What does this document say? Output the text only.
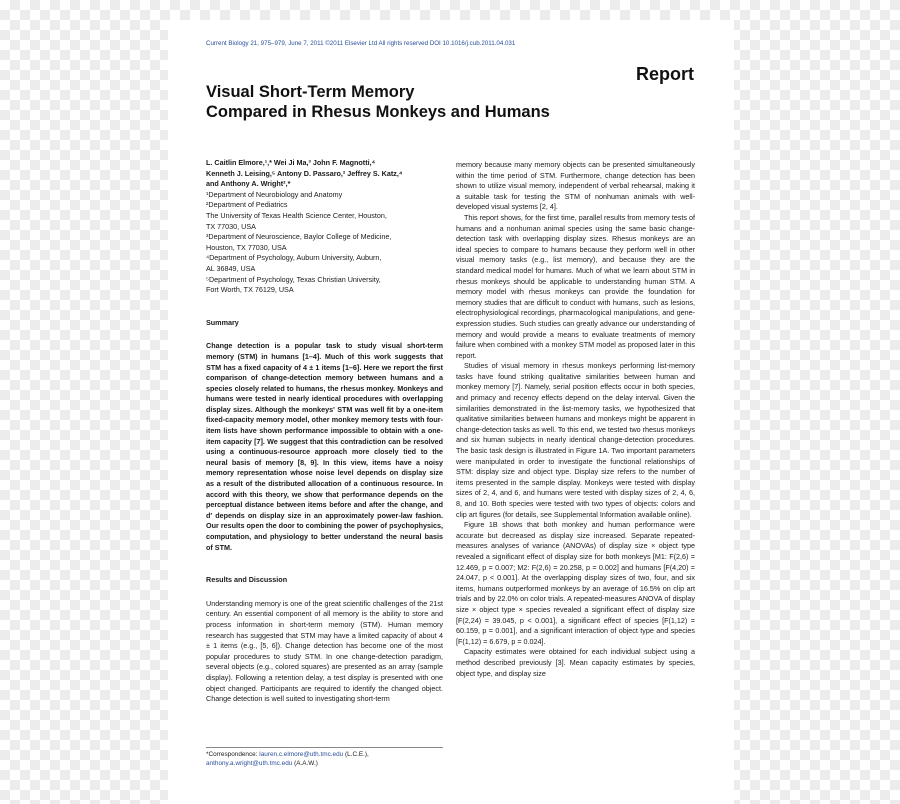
Current Biology 21, 975–979, June 7, 2011 ©2011 Elsevier Ltd All rights reserved DOI 10.1016/j.cub.2011.04.031
Report
Visual Short-Term Memory
Compared in Rhesus Monkeys and Humans
L. Caitlin Elmore,¹,* Wei Ji Ma,³ John F. Magnotti,⁴
Kenneth J. Leising,⁵ Antony D. Passaro,² Jeffrey S. Katz,⁴
and Anthony A. Wright²,*

¹Department of Neurobiology and Anatomy

²Department of Pediatrics

The University of Texas Health Science Center, Houston,

TX 77030, USA

³Department of Neuroscience, Baylor College of Medicine,

Houston, TX 77030, USA

⁴Department of Psychology, Auburn University, Auburn,

AL 36849, USA

⁵Department of Psychology, Texas Christian University,

Fort Worth, TX 76129, USA

Summary

Change detection is a popular task to study visual short-term memory (STM) in humans [1–4]. Much of this work suggests that STM has a fixed capacity of 4 ± 1 items [1–6]. Here we report the first comparison of change-detection memory between humans and a species closely related to humans, the rhesus monkey. Monkeys and humans were tested in nearly identical procedures with overlapping display sizes. Although the monkeys' STM was well fit by a one-item fixed-capacity memory model, other monkey memory tests with four-item lists have shown performance impossible to obtain with a one-item capacity [7]. We suggest that this contradiction can be resolved using a continuous-resource approach more closely tied to the neural basis of memory [8, 9]. In this view, items have a noisy memory representation whose noise level depends on display size as a result of the distributed allocation of a continuous resource. In accord with this theory, we show that performance depends on the perceptual distance between items before and after the change, and d′ depends on display size in an approximately power-law fashion. Our results open the door to combining the power of psychophysics, computation, and physiology to better understand the neural basis of STM.

Results and Discussion

Understanding memory is one of the great scientific challenges of the 21st century. An essential component of all memory is the ability to store and process information in short-term memory (STM). Human memory research has suggested that STM may have a limited capacity of about 4 ± 1 items (e.g., [5, 6]). Change detection has become one of the most popular procedures to study STM. In one change-detection paradigm, several objects (e.g., colored squares) are presented as an array (sample display). Following a retention delay, a test display is presented with one object changed. Participants are required to identify the changed object. Change detection is well suited to investigating short-term

*Correspondence: lauren.c.elmore@uth.tmc.edu (L.C.E.), anthony.a.wright@uth.tmc.edu (A.A.W.)

memory because many memory objects can be presented simultaneously within the time period of STM. Furthermore, change detection has been shown to utilize visual memory, independent of verbal rehearsal, making it a suitable task for testing the STM of nonhuman animals with well-developed visual systems [2, 4].

This report shows, for the first time, parallel results from memory tests of humans and a nonhuman animal species using the same basic change-detection task with overlapping display sizes. Rhesus monkeys are an ideal species to compare to humans because they perform well in other visual memory tasks (e.g., list memory), and because they are the standard medical model for humans. Much of what we learn about STM in rhesus monkeys should be applicable to understanding human STM. A memory model with rhesus monkeys can provide the foundation for memory studies that are difficult to conduct with humans, such as lesions, electrophysiological recordings, pharmacological manipulations, and gene-expression studies. Such studies can greatly advance our understanding of memory and would provide a means to evaluate treatments of memory failure when combined with a monkey STM model as proposed later in this report.

Studies of visual memory in rhesus monkeys performing list-memory tasks have found striking qualitative similarities between human and monkey memory [7]. Namely, serial position effects occur in both species, and primacy and recency effects depend on the delay interval. Given the similarities demonstrated in the list-memory tasks, we hypothesized that qualitative similarities between humans and monkeys might be apparent in change-detection tasks as well. To this end, we tested two rhesus monkeys and six human subjects in nearly identical change-detection procedures. The basic task design is illustrated in Figure 1A. Two important parameters were manipulated in order to investigate the functional relationships of STM: display size and object type. Display size refers to the number of items presented in the sample display. Monkeys were tested with display sizes of 2, 4, and 6, and humans were tested with display sizes of 2, 4, 6, 8, and 10. Both species were tested with two types of objects: colors and clip art figures (for details, see Supplemental Information available online).

Figure 1B shows that both monkey and human performance were accurate but decreased as display size increased. Separate repeated-measures analyses of variance (ANOVAs) of display size × object type revealed a significant effect of display size for both monkeys [M1: F(2,6) = 12.469, p = 0.007; M2: F(2,6) = 20.258, p = 0.002] and humans [F(4,20) = 24.047, p < 0.001]. At the overlapping display sizes of two, four, and six items, humans outperformed monkeys by an average of 16.5% on clip art trials and by 22.0% on color trials. A repeated-measures ANOVA of display size × object type × species revealed a significant effect of display size [F(2,24) = 39.045, p < 0.001], a significant effect of species [F(1,12) = 60.159, p = 0.001], and a significant interaction of object type and species [F(1,12) = 6.679, p = 0.024].

Capacity estimates were obtained for each individual subject using a method described previously [3]. Mean capacity estimates by species, object type, and display size
